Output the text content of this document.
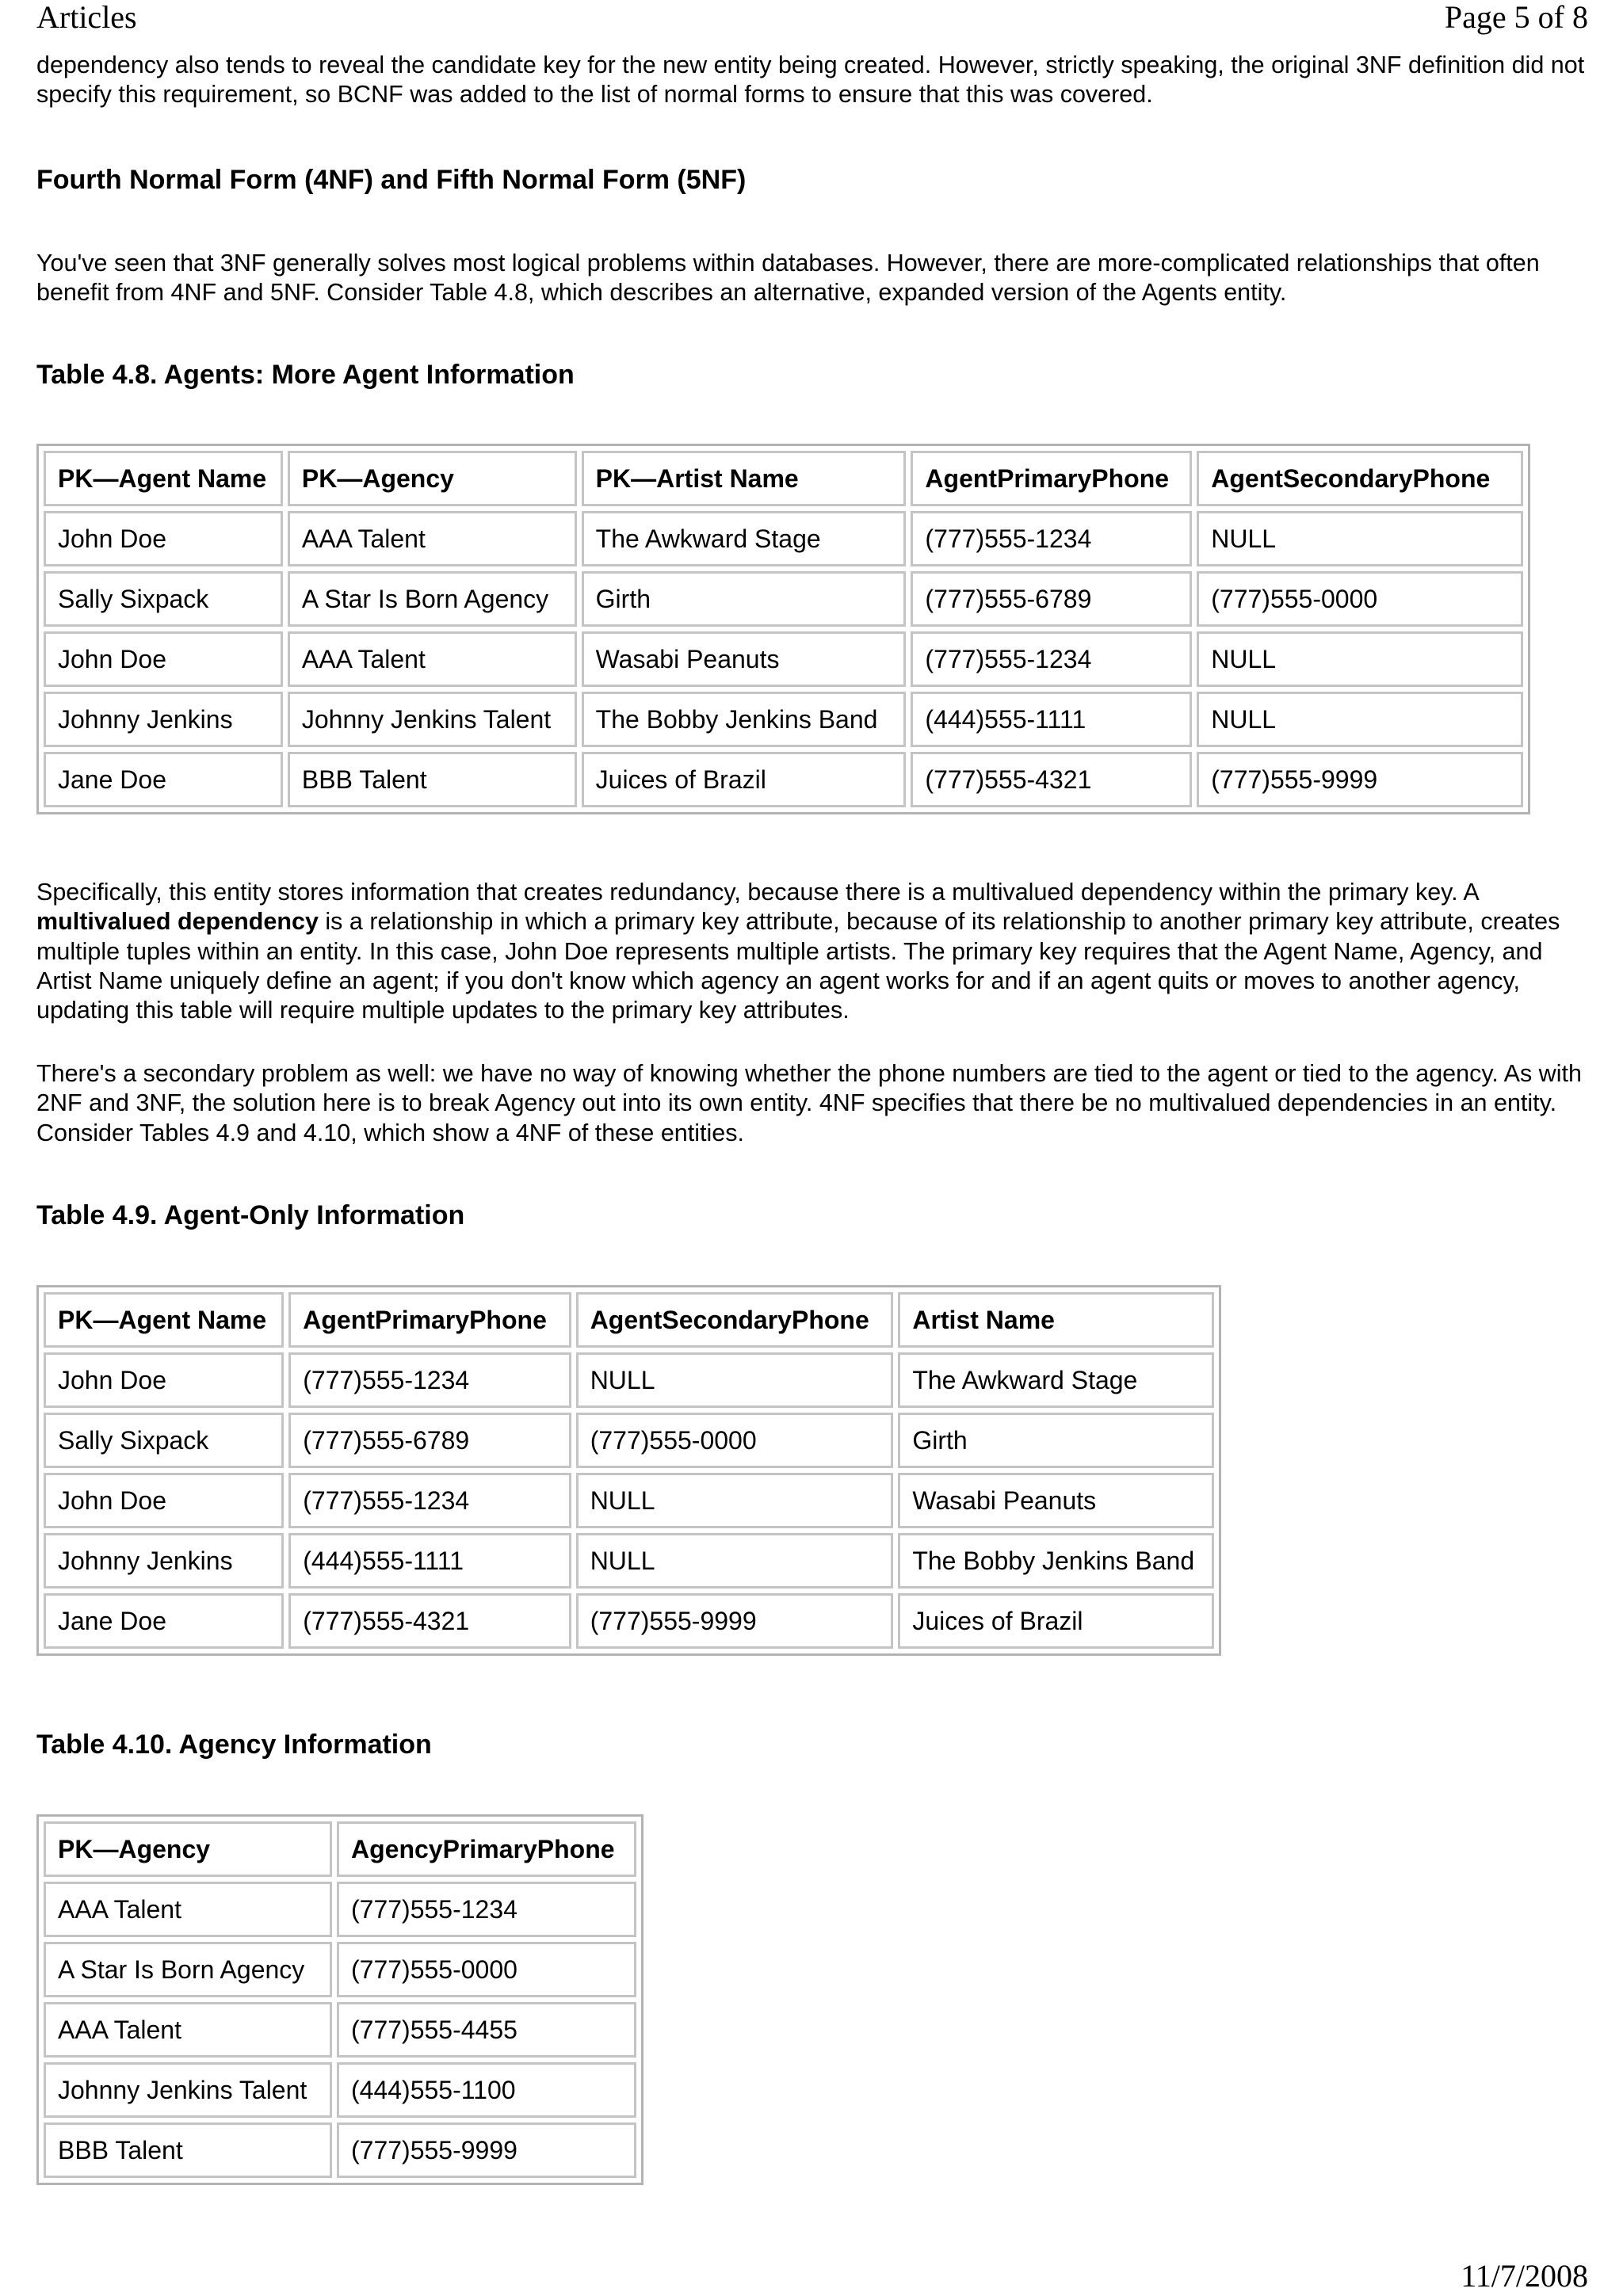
Articles	Page 5 of 8

dependency also tends to reveal the candidate key for the new entity being created. However, strictly speaking, the original 3NF definition did not specify this requirement, so BCNF was added to the list of normal forms to ensure that this was covered.

Fourth Normal Form (4NF) and Fifth Normal Form (5NF)

You've seen that 3NF generally solves most logical problems within databases. However, there are more-complicated relationships that often benefit from 4NF and 5NF. Consider Table 4.8, which describes an alternative, expanded version of the Agents entity.

Table 4.8. Agents: More Agent Information
PK—Agent Name	PK—Agency	PK—Artist Name	AgentPrimaryPhone	AgentSecondaryPhone
John Doe	AAA Talent	The Awkward Stage	(777)555-1234	NULL
Sally Sixpack	A Star Is Born Agency	Girth	(777)555-6789	(777)555-0000
John Doe	AAA Talent	Wasabi Peanuts	(777)555-1234	NULL
Johnny Jenkins	Johnny Jenkins Talent	The Bobby Jenkins Band	(444)555-1111	NULL
Jane Doe	BBB Talent	Juices of Brazil	(777)555-4321	(777)555-9999

Specifically, this entity stores information that creates redundancy, because there is a multivalued dependency within the primary key. A multivalued dependency is a relationship in which a primary key attribute, because of its relationship to another primary key attribute, creates multiple tuples within an entity. In this case, John Doe represents multiple artists. The primary key requires that the Agent Name, Agency, and Artist Name uniquely define an agent; if you don't know which agency an agent works for and if an agent quits or moves to another agency, updating this table will require multiple updates to the primary key attributes.

There's a secondary problem as well: we have no way of knowing whether the phone numbers are tied to the agent or tied to the agency. As with 2NF and 3NF, the solution here is to break Agency out into its own entity. 4NF specifies that there be no multivalued dependencies in an entity. Consider Tables 4.9 and 4.10, which show a 4NF of these entities.

Table 4.9. Agent-Only Information
PK—Agent Name	AgentPrimaryPhone	AgentSecondaryPhone	Artist Name
John Doe	(777)555-1234	NULL	The Awkward Stage
Sally Sixpack	(777)555-6789	(777)555-0000	Girth
John Doe	(777)555-1234	NULL	Wasabi Peanuts
Johnny Jenkins	(444)555-1111	NULL	The Bobby Jenkins Band
Jane Doe	(777)555-4321	(777)555-9999	Juices of Brazil
Table 4.10. Agency Information
PK—Agency	AgencyPrimaryPhone
AAA Talent	(777)555-1234
A Star Is Born Agency	(777)555-0000
AAA Talent	(777)555-4455
Johnny Jenkins Talent	(444)555-1100
BBB Talent	(777)555-9999
11/7/2008
